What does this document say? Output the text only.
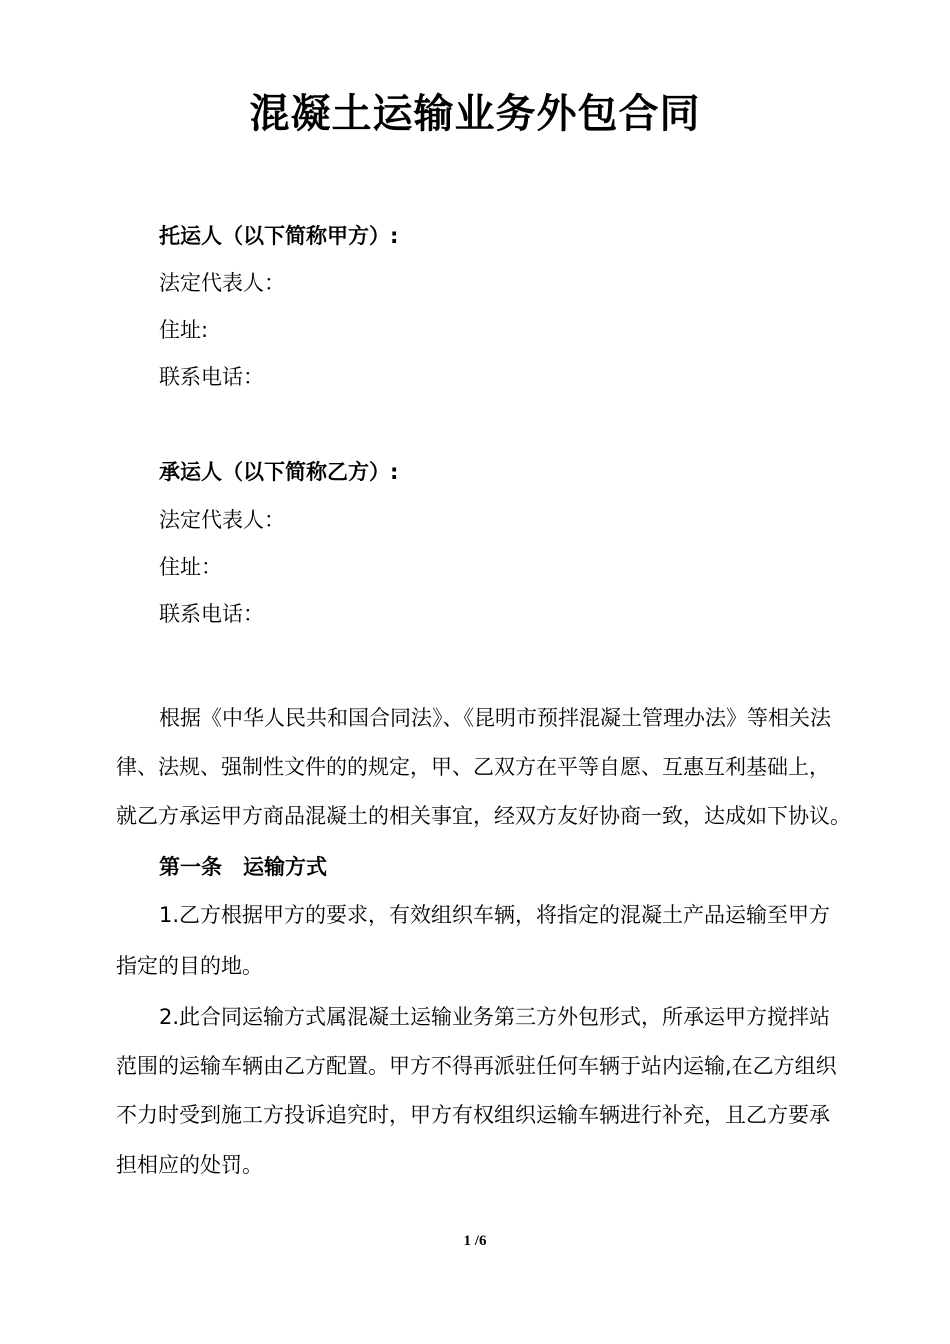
混凝土运输业务外包合同
托运人（以下简称甲方）:
法定代表人：
住址:
联系电话：
承运人（以下简称乙方）:
法定代表人：
住址：
联系电话：
根据《中华人民共和国合同法》、《昆明市预拌混凝土管理办法》等相关法
律、法规、强制性文件的的规定，甲、乙双方在平等自愿、互惠互利基础上，
就乙方承运甲方商品混凝土的相关事宜，经双方友好协商一致，达成如下协议。
第一条　运输方式
1.乙方根据甲方的要求，有效组织车辆，将指定的混凝土产品运输至甲方
指定的目的地。
2.此合同运输方式属混凝土运输业务第三方外包形式，所承运甲方搅拌站
范围的运输车辆由乙方配置。甲方不得再派驻任何车辆于站内运输,在乙方组织
不力时受到施工方投诉追究时，甲方有权组织运输车辆进行补充，且乙方要承
担相应的处罚。
1 /6
